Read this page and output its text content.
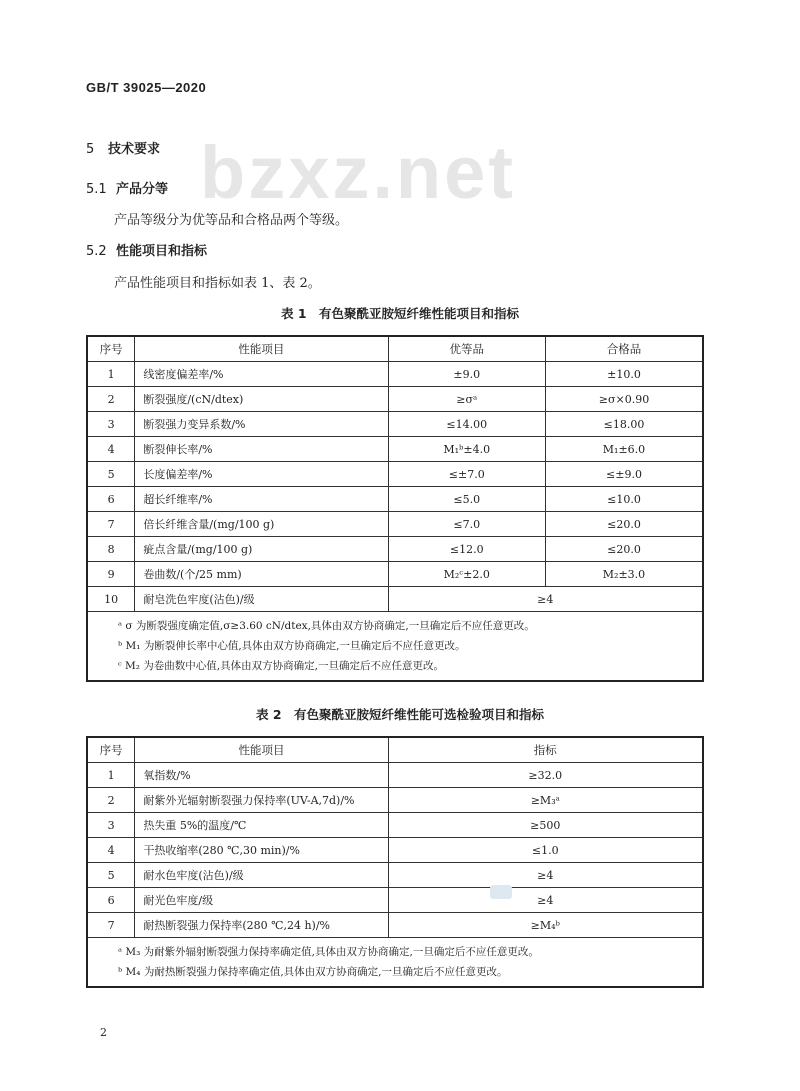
GB/T 39025—2020
bzxz.net
5 技术要求
5.1 产品分等
产品等级分为优等品和合格品两个等级。
5.2 性能项目和指标
产品性能项目和指标如表 1、表 2。
表 1　有色聚酰亚胺短纤维性能项目和指标
序号	性能项目	优等品	合格品
1	线密度偏差率/%	±9.0	±10.0
2	断裂强度/(cN/dtex)	≥σᵃ	≥σ×0.90
3	断裂强力变异系数/%	≤14.00	≤18.00
4	断裂伸长率/%	M₁ᵇ±4.0	M₁±6.0
5	长度偏差率/%	≤±7.0	≤±9.0
6	超长纤维率/%	≤5.0	≤10.0
7	倍长纤维含量/(mg/100 g)	≤7.0	≤20.0
8	疵点含量/(mg/100 g)	≤12.0	≤20.0
9	卷曲数/(个/25 mm)	M₂ᶜ±2.0	M₂±3.0
10	耐皂洗色牢度(沾色)/级	≥4	

ᵃ σ 为断裂强度确定值,σ≥3.60 cN/dtex,具体由双方协商确定,一旦确定后不应任意更改。
ᵇ M₁ 为断裂伸长率中心值,具体由双方协商确定,一旦确定后不应任意更改。
ᶜ M₂ 为卷曲数中心值,具体由双方协商确定,一旦确定后不应任意更改。			
表 2　有色聚酰亚胺短纤维性能可选检验项目和指标
序号	性能项目	指标
1	氧指数/%	≥32.0
2	耐紫外光辐射断裂强力保持率(UV-A,7d)/%	≥M₃ᵃ
3	热失重 5%的温度/℃	≥500
4	干热收缩率(280 ℃,30 min)/%	≤1.0
5	耐水色牢度(沾色)/级	≥4
6	耐光色牢度/级	≥4
7	耐热断裂强力保持率(280 ℃,24 h)/%	≥M₄ᵇ

ᵃ M₃ 为耐紫外辐射断裂强力保持率确定值,具体由双方协商确定,一旦确定后不应任意更改。
ᵇ M₄ 为耐热断裂强力保持率确定值,具体由双方协商确定,一旦确定后不应任意更改。		
2
